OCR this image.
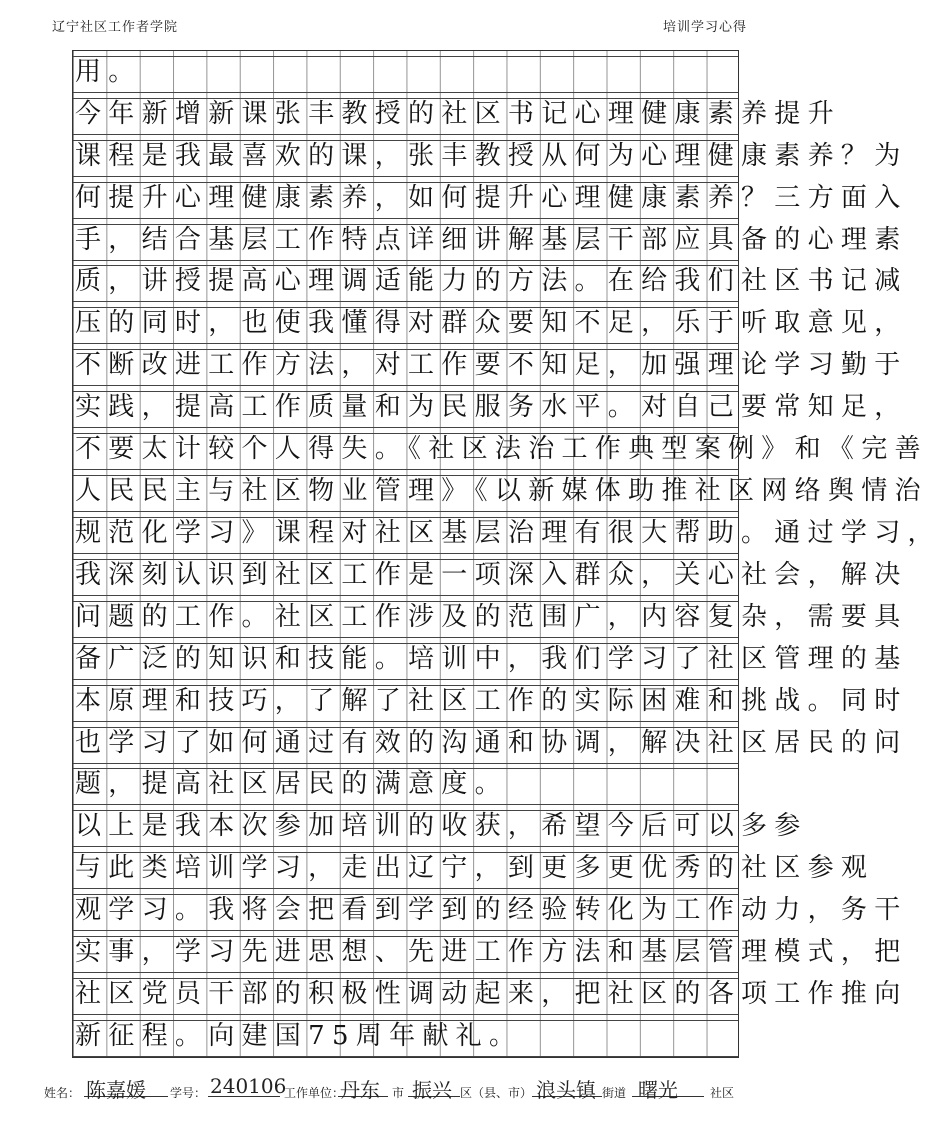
辽宁社区工作者学院	培训学习心得
用。
今年新增新课张丰教授的社区书记心理健康素养提升
课程是我最喜欢的课，张丰教授从何为心理健康素养？为
何提升心理健康素养，如何提升心理健康素养？三方面入
手，结合基层工作特点详细讲解基层干部应具备的心理素
质，讲授提高心理调适能力的方法。在给我们社区书记减
压的同时，也使我懂得对群众要知不足，乐于听取意见，
不断改进工作方法，对工作要不知足，加强理论学习勤于
实践，提高工作质量和为民服务水平。对自己要常知足，
不要太计较个人得失。《社区法治工作典型案例》和《完善
人民民主与社区物业管理》《以新媒体助推社区网络舆情治
规范化学习》课程对社区基层治理有很大帮助。通过学习，
我深刻认识到社区工作是一项深入群众，关心社会，解决
问题的工作。社区工作涉及的范围广，内容复杂，需要具
备广泛的知识和技能。培训中，我们学习了社区管理的基
本原理和技巧，了解了社区工作的实际困难和挑战。同时
也学习了如何通过有效的沟通和协调，解决社区居民的问
题，提高社区居民的满意度。
以上是我本次参加培训的收获，希望今后可以多参
与此类培训学习，走出辽宁，到更多更优秀的社区参观
观学习。我将会把看到学到的经验转化为工作动力，务干
实事，学习先进思想、先进工作方法和基层管理模式，把
社区党员干部的积极性调动起来，把社区的各项工作推向
新征程。向建国75周年献礼。
姓名： 陈嘉媛 学号： 240106
工作单位：
丹东 市 振兴 区（县、市） 浪头镇 街道 曙光	社区
